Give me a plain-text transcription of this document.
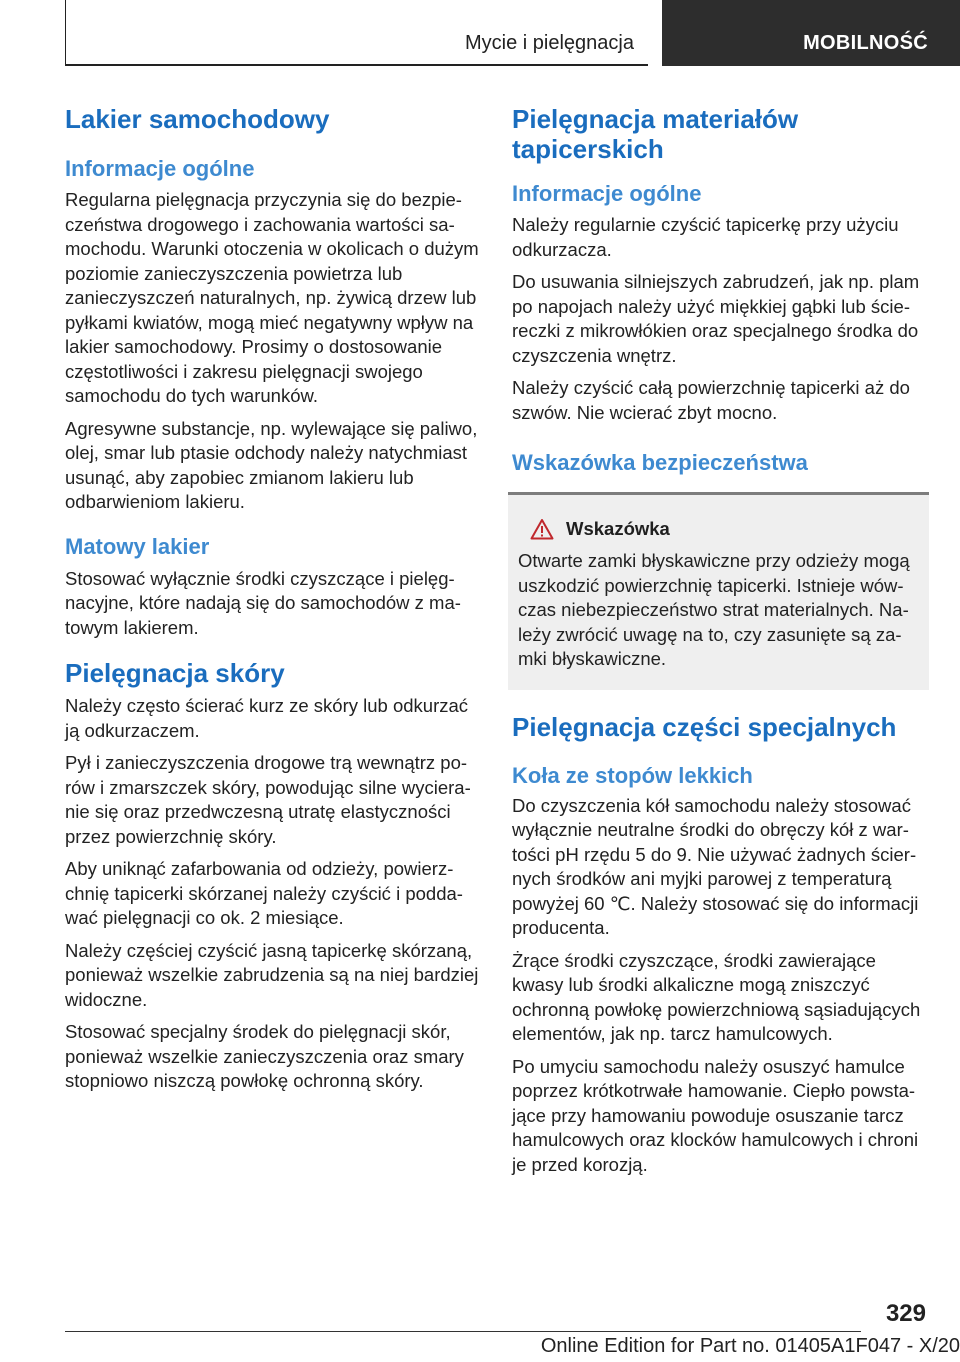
Mycie i pielęgnacja	MOBILNOŚĆ
Lakier samochodowy
Informacje ogólne

Regularna pielęgnacja przyczynia się do bezpieczeństwa drogowego i zachowania wartości samochodu. Warunki otoczenia w okolicach o dużym poziomie zanieczyszczenia powietrza lub zanieczyszczeń naturalnych, np. żywicą drzew lub pyłkami kwiatów, mogą mieć negatywny wpływ na lakier samochodowy. Prosimy o dostosowanie częstotliwości i zakresu pielęgnacji swojego samochodu do tych warunków.

Agresywne substancje, np. wylewające się paliwo, olej, smar lub ptasie odchody należy natychmiast usunąć, aby zapobiec zmianom lakieru lub odbarwieniom lakieru.

Matowy lakier

Stosować wyłącznie środki czyszczące i pielęgnacyjne, które nadają się do samochodów z matowym lakierem.

Pielęgnacja skóry

Należy często ścierać kurz ze skóry lub odkurzać ją odkurzaczem.

Pył i zanieczyszczenia drogowe trą wewnątrz porów i zmarszczek skóry, powodując silne wycieranie się oraz przedwczesną utratę elastyczności przez powierzchnię skóry.

Aby uniknąć zafarbowania od odzieży, powierzchnię tapicerki skórzanej należy czyścić i poddawać pielęgnacji co ok. 2 miesiące.

Należy częściej czyścić jasną tapicerkę skórzaną, ponieważ wszelkie zabrudzenia są na niej bardziej widoczne.

Stosować specjalny środek do pielęgnacji skór, ponieważ wszelkie zanieczyszczenia oraz smary stopniowo niszczą powłokę ochronną skóry.

Pielęgnacja materiałów tapicerskich
Informacje ogólne

Należy regularnie czyścić tapicerkę przy użyciu odkurzacza.

Do usuwania silniejszych zabrudzeń, jak np. plam po napojach należy użyć miękkiej gąbki lub ściereczki z mikrowłókien oraz specjalnego środka do czyszczenia wnętrz.

Należy czyścić całą powierzchnię tapicerki aż do szwów. Nie wcierać zbyt mocno.

Wskazówka bezpieczeństwa
Wskazówka

Otwarte zamki błyskawiczne przy odzieży mogą uszkodzić powierzchnię tapicerki. Istnieje wówczas niebezpieczeństwo strat materialnych. Należy zwrócić uwagę na to, czy zasunięte są zamki błyskawiczne.

Pielęgnacja części specjalnych
Koła ze stopów lekkich

Do czyszczenia kół samochodu należy stosować wyłącznie neutralne środki do obręczy kół z wartości pH rzędu 5 do 9. Nie używać żadnych ściernych środków ani myjki parowej z temperaturą powyżej 60 ℃. Należy stosować się do informacji producenta.

Żrące środki czyszczące, środki zawierające kwasy lub środki alkaliczne mogą zniszczyć ochronną powłokę powierzchniową sąsiadujących elementów, jak np. tarcz hamulcowych.

Po umyciu samochodu należy osuszyć hamulce poprzez krótkotrwałe hamowanie. Ciepło powstające przy hamowaniu powoduje osuszanie tarcz hamulcowych oraz klocków hamulcowych i chroni je przed korozją.

329
Online Edition for Part no. 01405A1F047 - X/20
